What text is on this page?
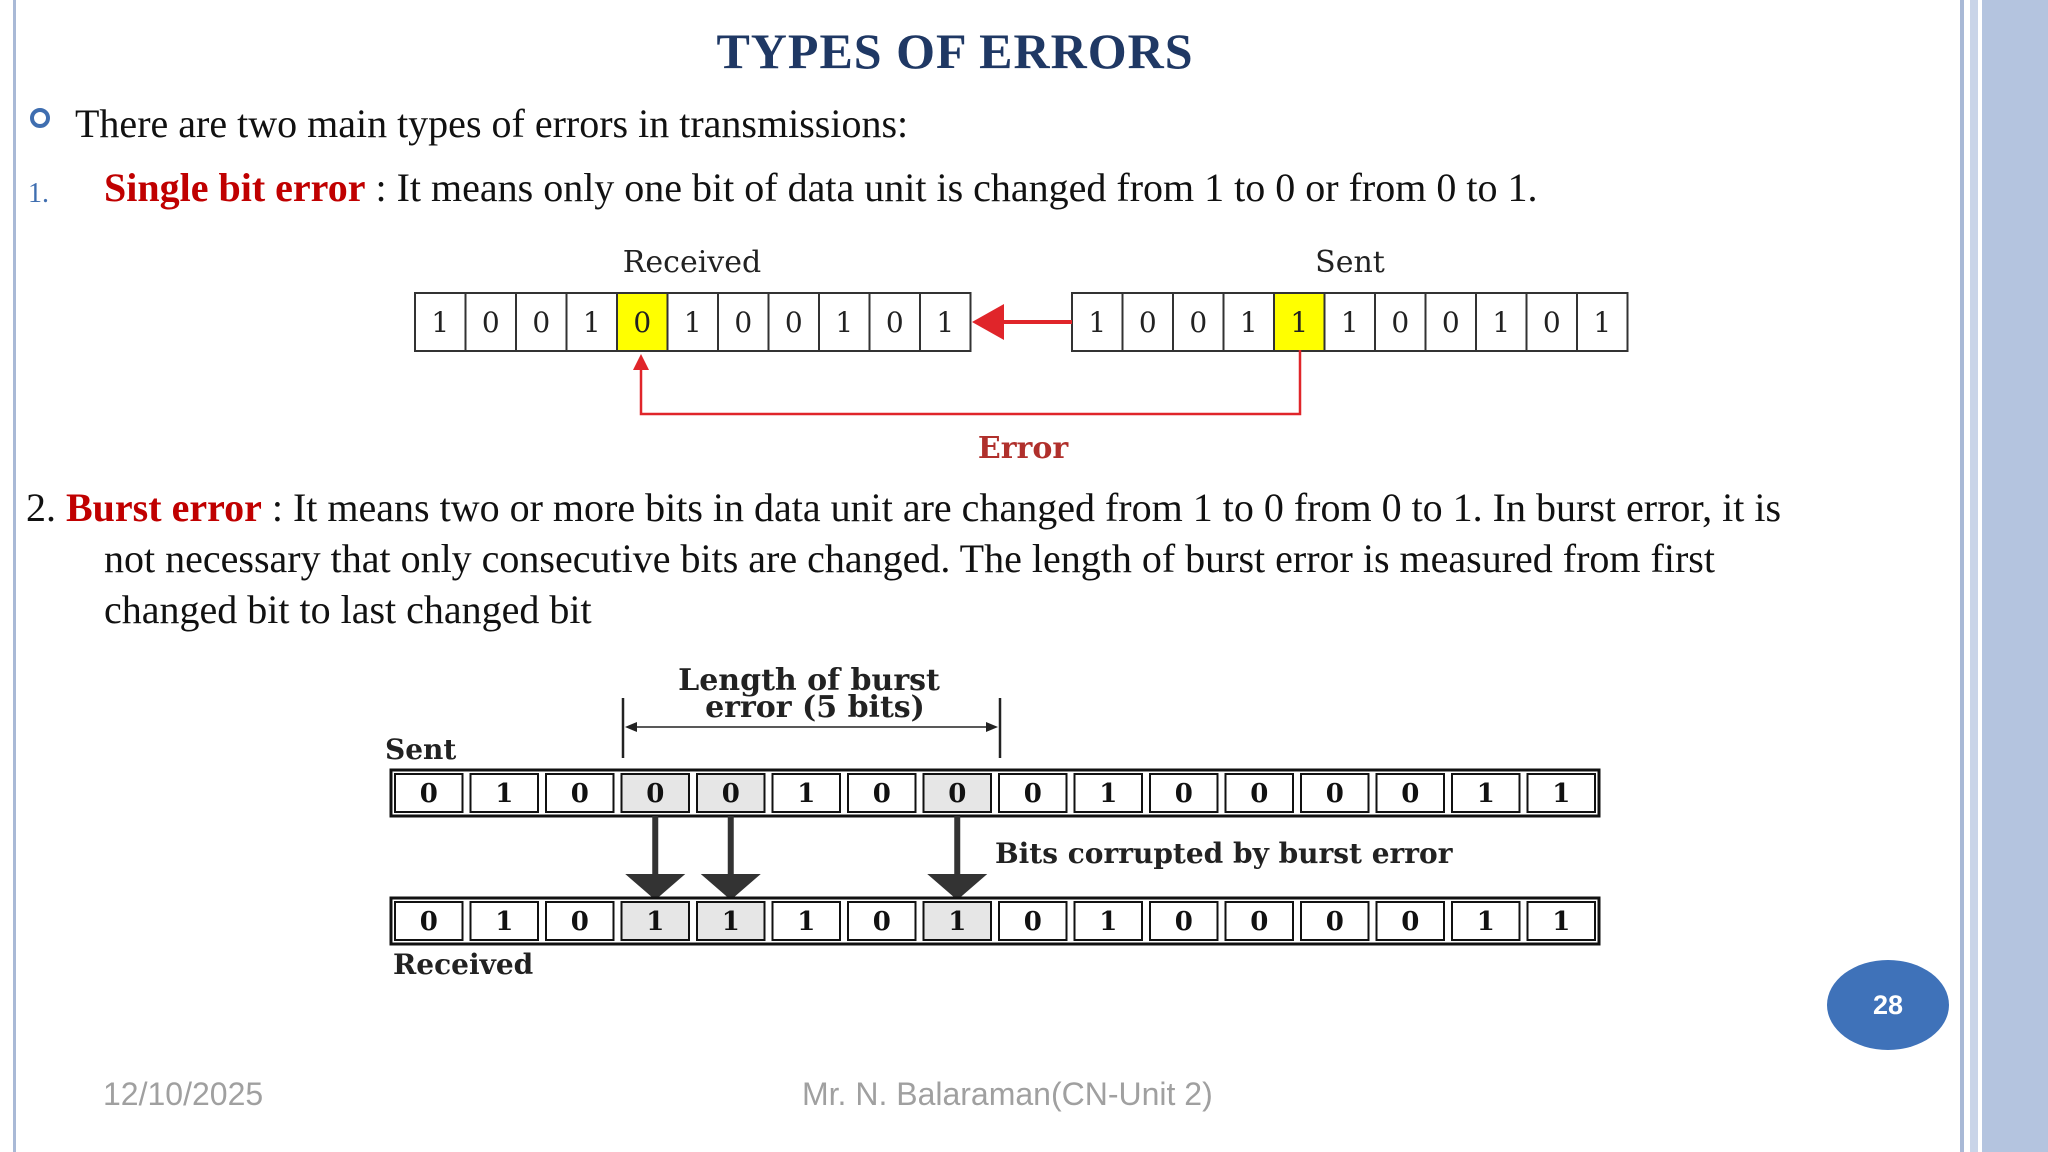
TYPES OF ERRORS
There are two main types of errors in transmissions:
1. Single bit error : It means only one bit of data unit is changed from 1 to 0 or from 0 to 1.
Received	Sent
1 0 0 1 0 1 0 0 1 0 1	1 0 0 1 1 1 0 0 1 0 1
Error
2. Burst error : It means two or more bits in data unit are changed from 1 to 0 from 0 to 1. In burst error, it is
not necessary that only consecutive bits are changed. The length of burst error is measured from first
changed bit to last changed bit
Length of burst
error (5 bits)
Sent
0 1 0 0 0 1 0 0 0 1 0 0 0 0 1 1
Bits corrupted by burst error
0 1 0 1 1 1 0 1 0 1 0 0 0 0 1 1
Received
28
12/10/2025	Mr. N. Balaraman(CN-Unit 2)
